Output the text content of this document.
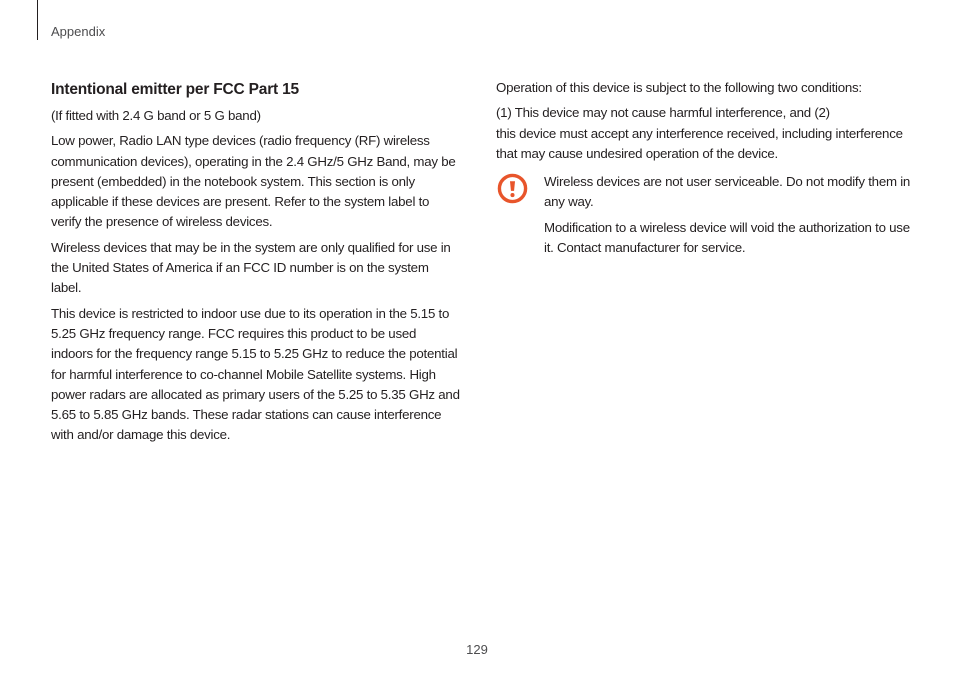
Appendix
Intentional emitter per FCC Part 15

(If fitted with 2.4 G band or 5 G band)

Low power, Radio LAN type devices (radio frequency (RF) wireless communication devices), operating in the 2.4 GHz/5 GHz Band, may be present (embedded) in the notebook system. This section is only applicable if these devices are present. Refer to the system label to verify the presence of wireless devices.

Wireless devices that may be in the system are only qualified for use in the United States of America if an FCC ID number is on the system label.

This device is restricted to indoor use due to its operation in the 5.15 to 5.25 GHz frequency range. FCC requires this product to be used indoors for the frequency range 5.15 to 5.25 GHz to reduce the potential for harmful interference to co-channel Mobile Satellite systems. High power radars are allocated as primary users of the 5.25 to 5.35 GHz and 5.65 to 5.85 GHz bands. These radar stations can cause interference with and/or damage this device.

Operation of this device is subject to the following two conditions:

(1) This device may not cause harmful interference, and (2)
this device must accept any interference received, including interference that may cause undesired operation of the device.

Wireless devices are not user serviceable. Do not modify them in any way.

Modification to a wireless device will void the authorization to use it. Contact manufacturer for service.

129
